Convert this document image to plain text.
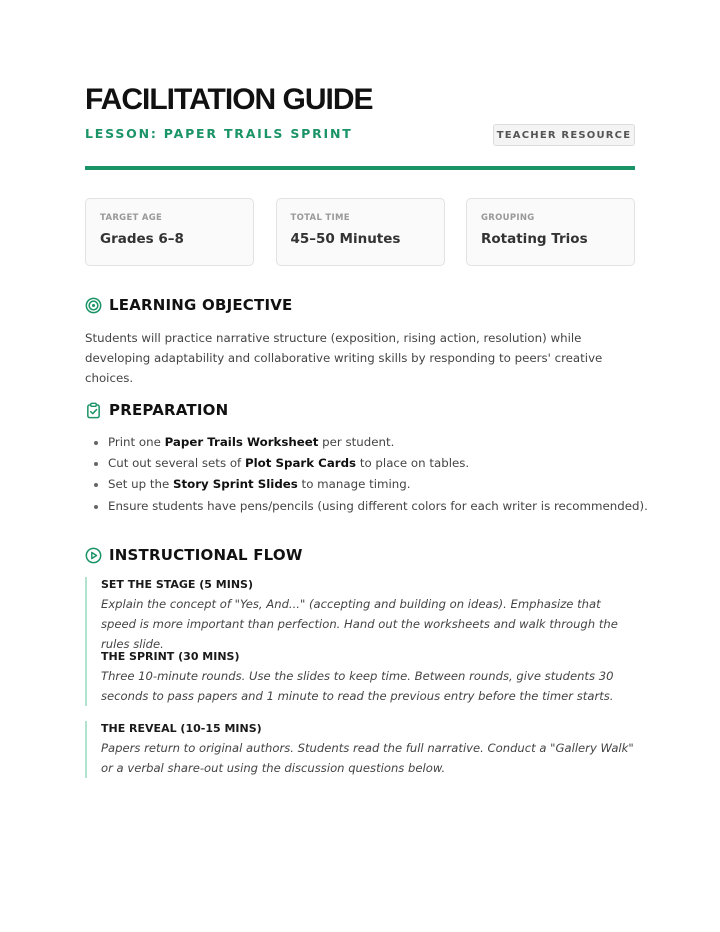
FACILITATION GUIDE
LESSON: PAPER TRAILS SPRINT	TEACHER RESOURCE
TARGET AGE
Grades 6–8
TOTAL TIME
45–50 Minutes
GROUPING
Rotating Trios
LEARNING OBJECTIVE

Students will practice narrative structure (exposition, rising action, resolution) while developing adaptability and collaborative writing skills by responding to peers' creative choices.

PREPARATION
• Print one Paper Trails Worksheet per student.
• Cut out several sets of Plot Spark Cards to place on tables.
• Set up the Story Sprint Slides to manage timing.
• Ensure students have pens/pencils (using different colors for each writer is recommended).
INSTRUCTIONAL FLOW
SET THE STAGE (5 MINS)
Explain the concept of "Yes, And..." (accepting and building on ideas). Emphasize that speed is more important than perfection. Hand out the worksheets and walk through the rules slide.
THE SPRINT (30 MINS)
Three 10-minute rounds. Use the slides to keep time. Between rounds, give students 30 seconds to pass papers and 1 minute to read the previous entry before the timer starts.
THE REVEAL (10-15 MINS)
Papers return to original authors. Students read the full narrative. Conduct a "Gallery Walk" or a verbal share-out using the discussion questions below.
